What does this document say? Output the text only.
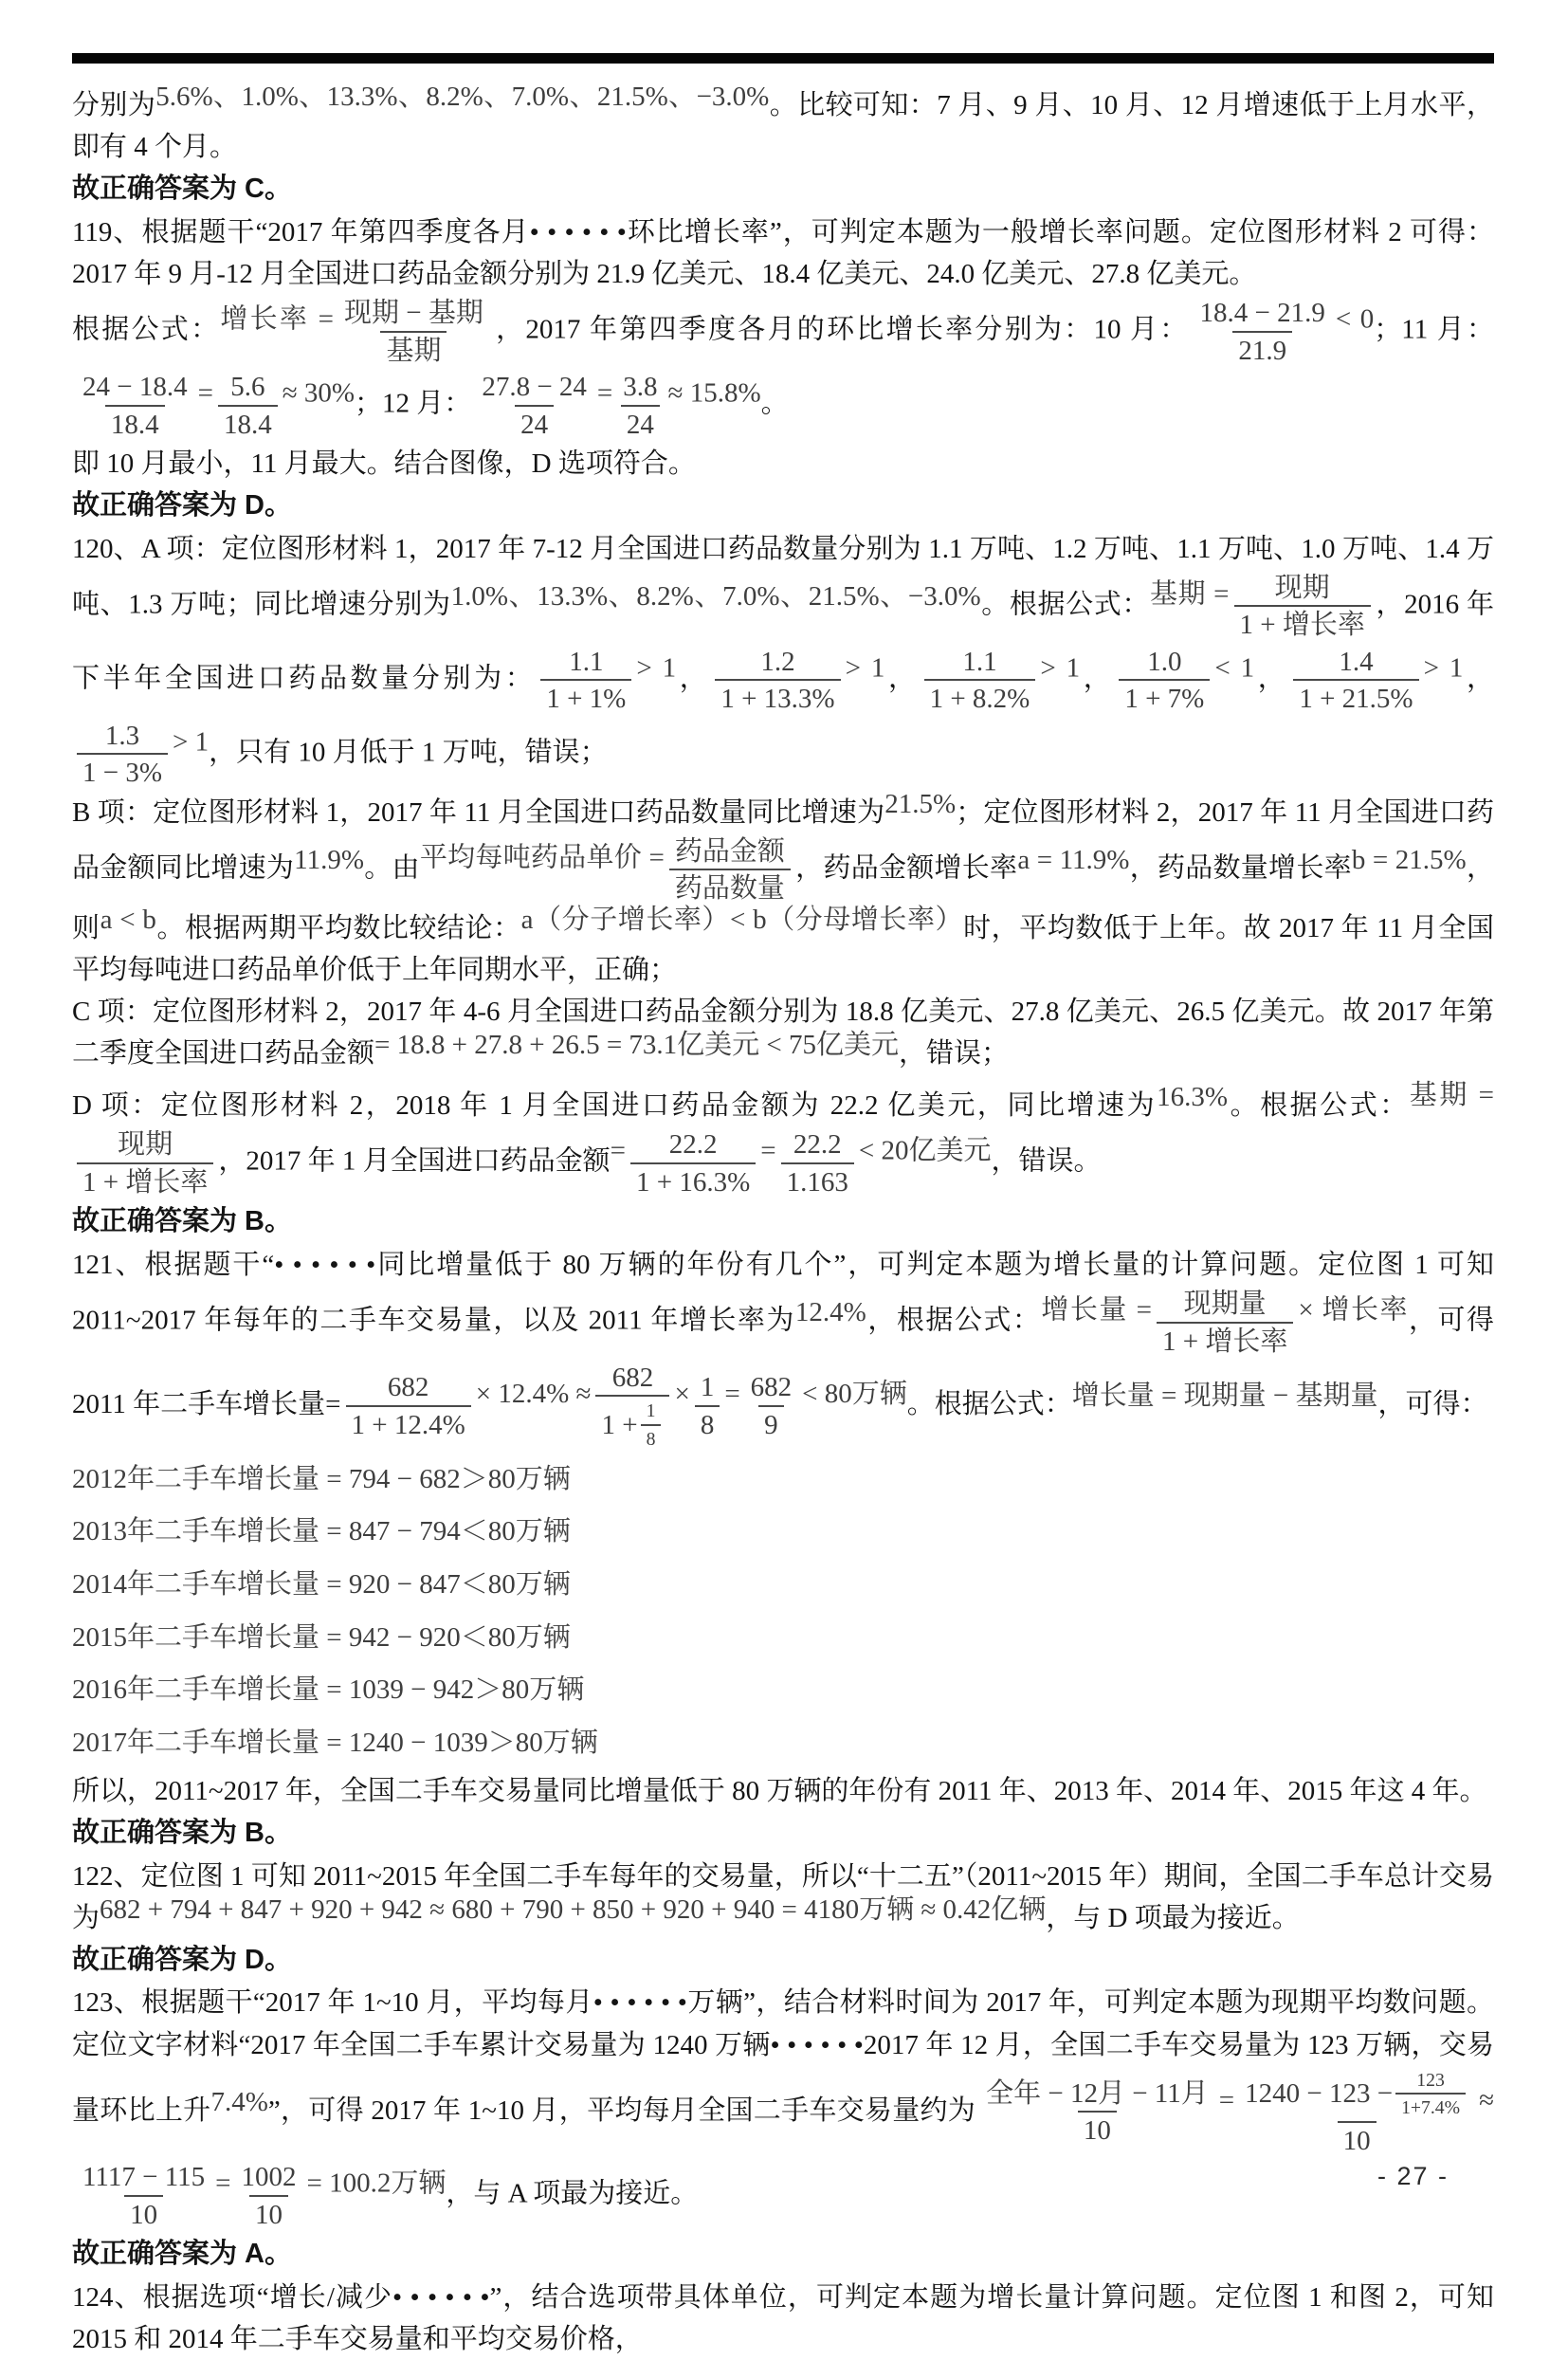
分别为5.6%、1.0%、13.3%、8.2%、7.0%、21.5%、−3.0%。比较可知：7 月、9 月、10 月、12 月增速低于上月水平，即有 4 个月。
故正确答案为 C。
119、根据题干“2017 年第四季度各月• • • • • •环比增长率”，可判定本题为一般增长率问题。定位图形材料 2 可得：2017 年 9 月-12 月全国进口药品金额分别为 21.9 亿美元、18.4 亿美元、24.0 亿美元、27.8 亿美元。
根据公式：增长率 = $\frac{\text{现期 − 基期}}{\text{基期}}$ ，2017 年第四季度各月的环比增长率分别为：10 月： $\frac{18.4 - 21.9}{21.9} < 0$；11 月：
$\frac{24 - 18.4}{18.4} = \frac{5.6}{18.4} \approx 30\%$；12 月： $\frac{27.8 - 24}{24} = \frac{3.8}{24} \approx 15.8\%$。
即 10 月最小，11 月最大。结合图像，D 选项符合。
故正确答案为 D。
120、A 项：定位图形材料 1，2017 年 7-12 月全国进口药品数量分别为 1.1 万吨、1.2 万吨、1.1 万吨、1.0 万吨、1.4 万吨、1.3 万吨；同比增速分别为1.0%、13.3%、8.2%、7.0%、21.5%、−3.0%。根据公式：基期 = $\frac{\text{现期}}{\text{1 + 增长率}}$ ，2016 年下半年全国进口药品数量分别为： $\frac{1.1}{1 + 1\%} > 1$， $\frac{1.2}{1 + 13.3\%} > 1$， $\frac{1.1}{1 + 8.2\%} > 1$， $\frac{1.0}{1 + 7\%} < 1$， $\frac{1.4}{1 + 21.5\%} > 1$，
$\frac{1.3}{1 - 3\%} > 1$，只有 10 月低于 1 万吨，错误；
B 项：定位图形材料 1，2017 年 11 月全国进口药品数量同比增速为21.5%；定位图形材料 2，2017 年 11 月全国进口药品金额同比增速为11.9%。由平均每吨药品单价 = $\frac{\text{药品金额}}{\text{药品数量}}$ ，药品金额增长率a = 11.9%，药品数量增长率b = 21.5%，则a < b。根据两期平均数比较结论：a（分子增长率）< b（分母增长率）时，平均数低于上年。故 2017 年 11 月全国平均每吨进口药品单价低于上年同期水平，正确；
C 项：定位图形材料 2，2017 年 4-6 月全国进口药品金额分别为 18.8 亿美元、27.8 亿美元、26.5 亿美元。故 2017 年第二季度全国进口药品金额= 18.8 + 27.8 + 26.5 = 73.1亿美元 < 75亿美元，错误；
D 项：定位图形材料 2，2018 年 1 月全国进口药品金额为 22.2 亿美元，同比增速为16.3%。根据公式：基期 =
$\frac{\text{现期}}{\text{1 + 增长率}}$ ，2017 年 1 月全国进口药品金额= $\frac{22.2}{1 + 16.3\%} = \frac{22.2}{1.163} < 20$亿美元，错误。
故正确答案为 B。
121、根据题干“• • • • • •同比增量低于 80 万辆的年份有几个”，可判定本题为增长量的计算问题。定位图 1 可知 2011~2017 年每年的二手车交易量，以及 2011 年增长率为12.4%，根据公式：增长量 = $\frac{\text{现期量}}{\text{1 + 增长率}}$ × 增长率，可得 2011 年二手车增长量= $\frac{682}{1 + 12.4\%} \times 12.4\% \approx \frac{682}{1 + \frac{1}{8}} \times \frac{1}{8} = \frac{682}{9} < 80$万辆。根据公式：增长量 = 现期量 − 基期量，可得：
2012年二手车增长量 = 794 − 682＞80万辆
2013年二手车增长量 = 847 − 794＜80万辆
2014年二手车增长量 = 920 − 847＜80万辆
2015年二手车增长量 = 942 − 920＜80万辆
2016年二手车增长量 = 1039 − 942＞80万辆
2017年二手车增长量 = 1240 − 1039＞80万辆
所以，2011~2017 年，全国二手车交易量同比增量低于 80 万辆的年份有 2011 年、2013 年、2014 年、2015 年这 4 年。
故正确答案为 B。
122、定位图 1 可知 2011~2015 年全国二手车每年的交易量，所以“十二五”（2011~2015 年）期间，全国二手车总计交易为682 + 794 + 847 + 920 + 942 ≈ 680 + 790 + 850 + 920 + 940 = 4180万辆 ≈ 0.42亿辆，与 D 项最为接近。
故正确答案为 D。
123、根据题干“2017 年 1~10 月，平均每月• • • • • •万辆”，结合材料时间为 2017 年，可判定本题为现期平均数问题。定位文字材料“2017 年全国二手车累计交易量为 1240 万辆• • • • • •2017 年 12 月，全国二手车交易量为 123 万辆，交易量环比上升7.4%”，可得 2017 年 1~10 月，平均每月全国二手车交易量约为 $\frac{\text{全年 − 12月 − 11月}}{10} = \frac{1240 - 123 - \frac{123}{1+7.4\%}}{10}$ ≈
$\frac{1117 - 115}{10} = \frac{1002}{10} = 100.2$万辆，与 A 项最为接近。
故正确答案为 A。
124、根据选项“增长/减少• • • • • •”，结合选项带具体单位，可判定本题为增长量计算问题。定位图 1 和图 2，可知 2015 和 2014 年二手车交易量和平均交易价格，
- 27 -
